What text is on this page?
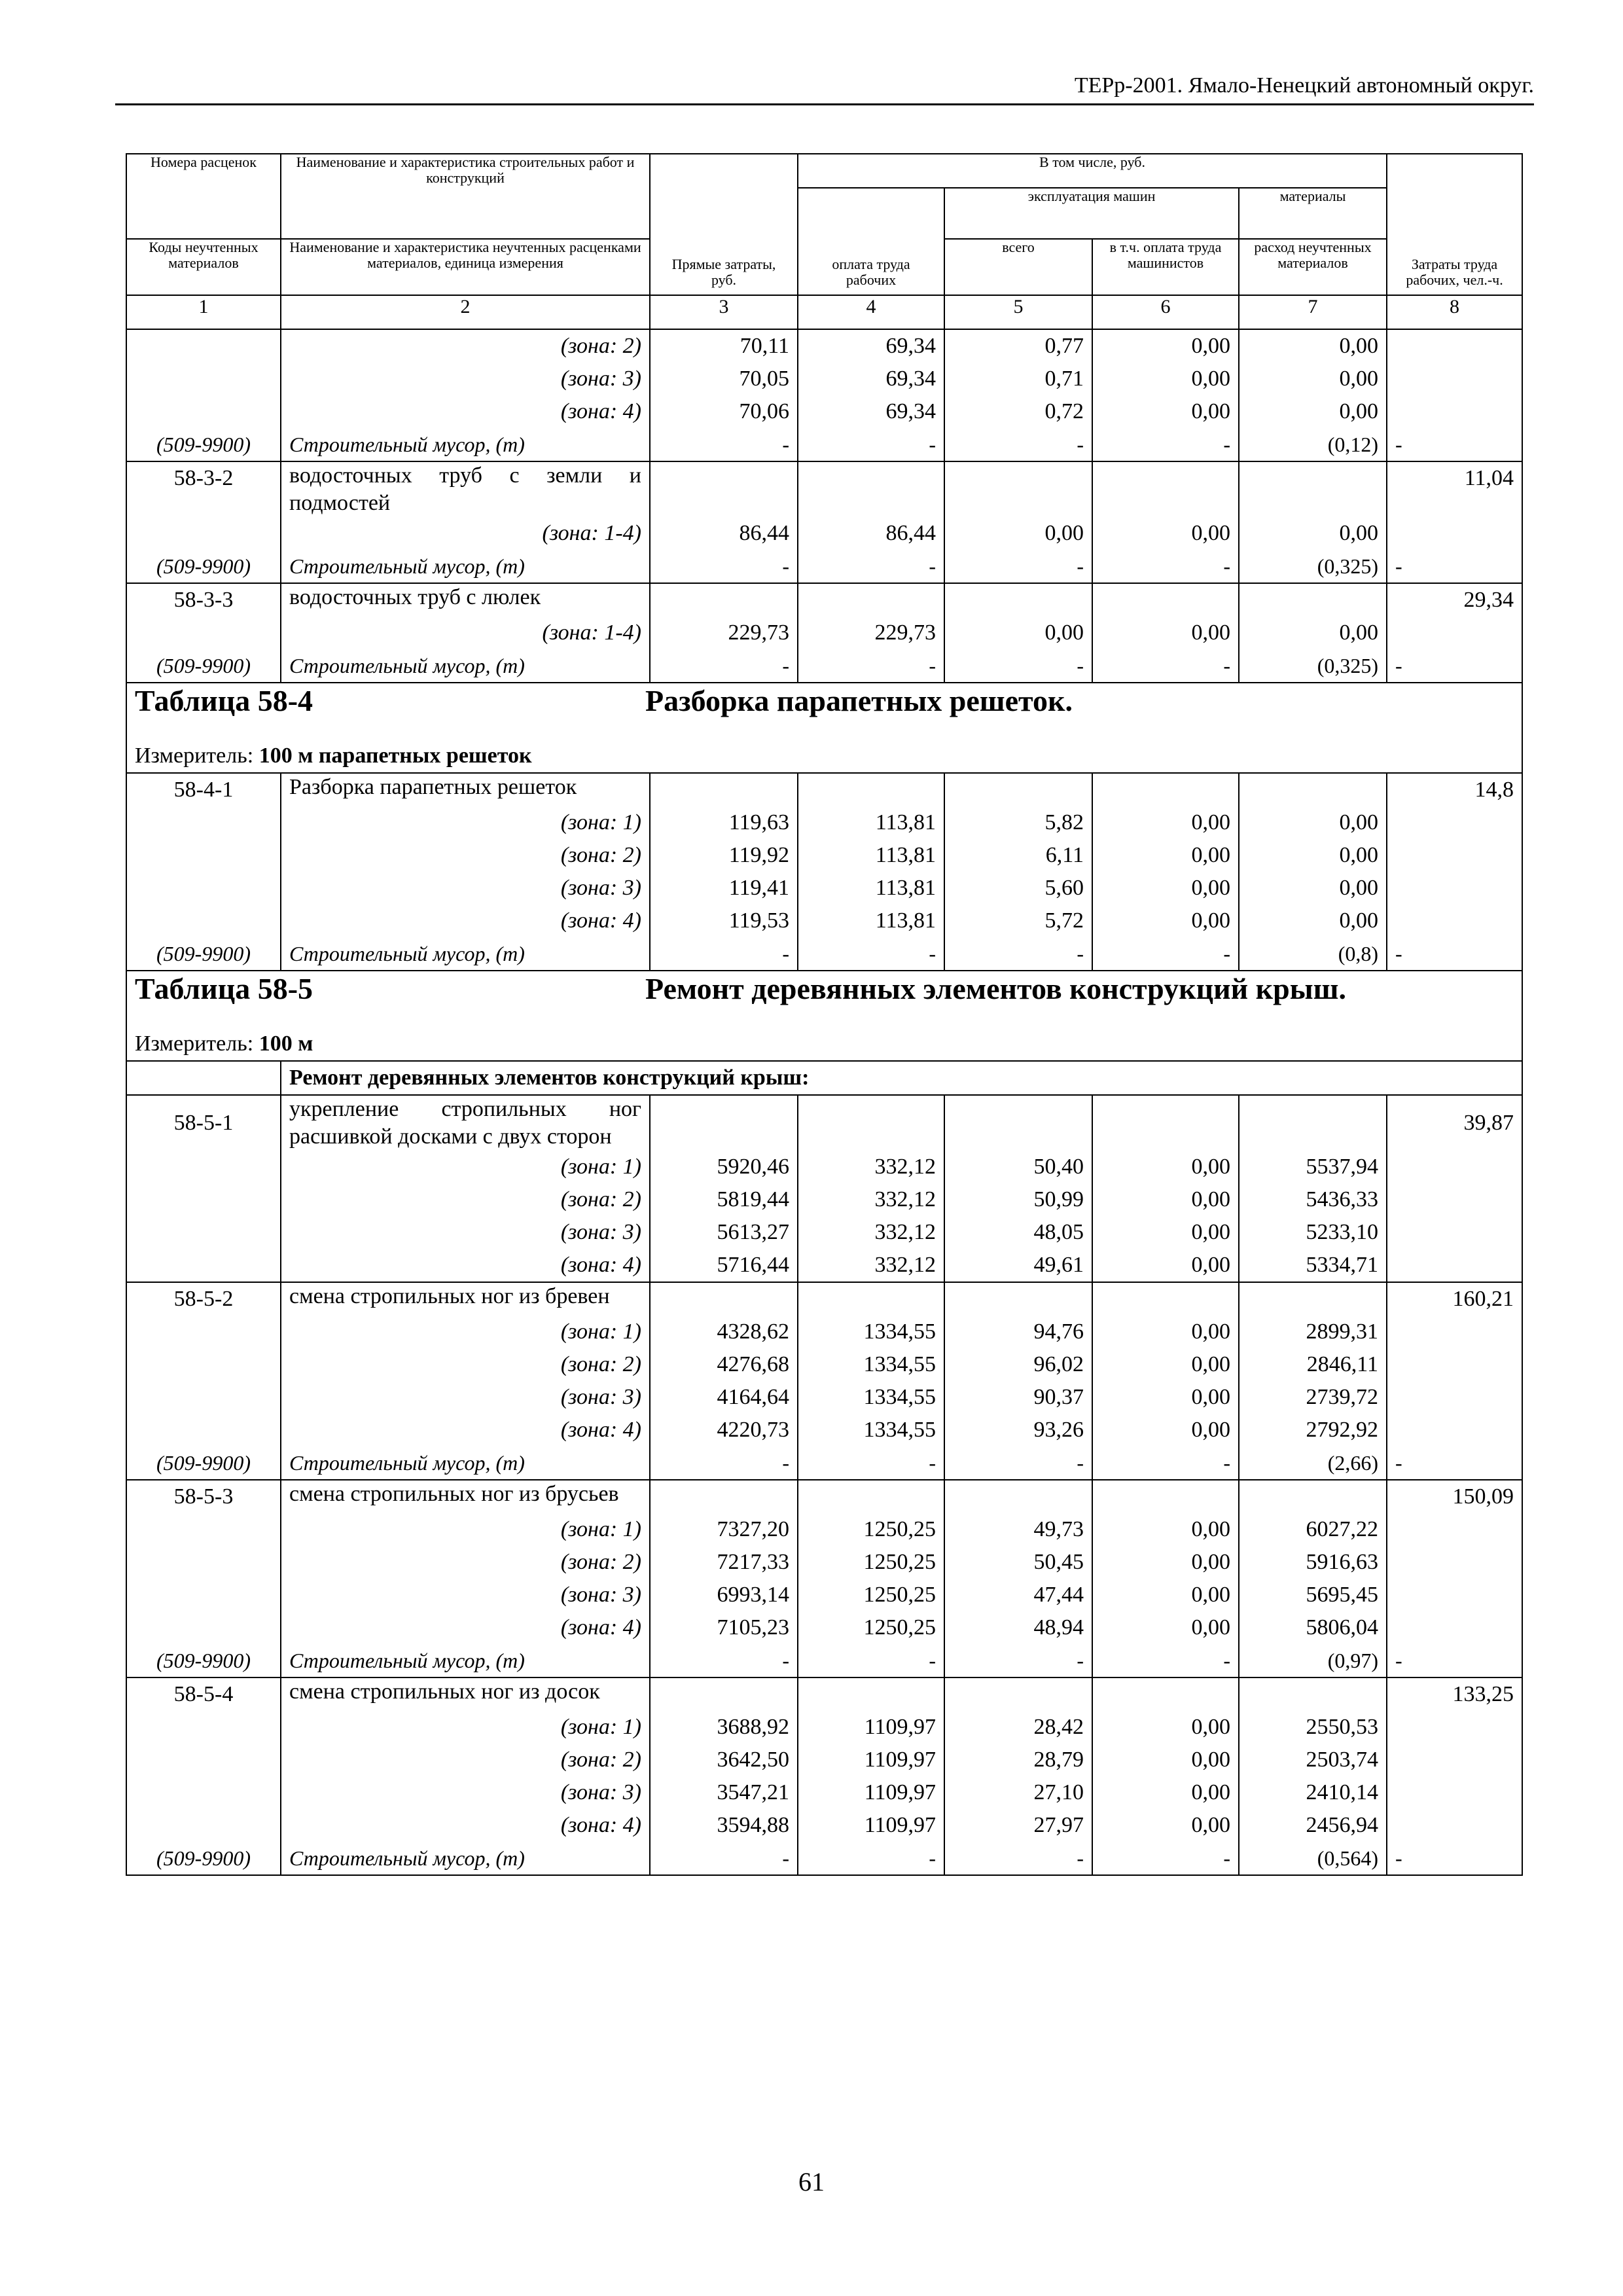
ТЕРр-2001. Ямало-Ненецкий автономный округ.
Номера расценок	Наименование и характеристика строительных работ и конструкций	Прямые затраты, руб.	В том числе, руб.				Затраты труда рабочих, чел.-ч.
			оплата труда рабочих	эксплуатация машин		материалы	
Коды неучтенных материалов	Наименование и характеристика неучтенных расценками материалов, единица измерения			всего	в т.ч. оплата труда машинистов	расход неучтенных материалов	
1	2	3	4	5	6	7	8
	(зона: 2)	70,11	69,34	0,77	0,00	0,00	
	(зона: 3)	70,05	69,34	0,71	0,00	0,00	
	(зона: 4)	70,06	69,34	0,72	0,00	0,00	
(509-9900)	Строительный мусор, (т)	-	-	-	-	(0,12)	-
58-3-2	водосточных труб с земли и подмостей						11,04
	(зона: 1-4)	86,44	86,44	0,00	0,00	0,00	
(509-9900)	Строительный мусор, (т)	-	-	-	-	(0,325)	-
58-3-3	водосточных труб с люлек						29,34
	(зона: 1-4)	229,73	229,73	0,00	0,00	0,00	
(509-9900)	Строительный мусор, (т)	-	-	-	-	(0,325)	-
Таблица 58-4 Разборка парапетных решеток.							
Измеритель: 100 м парапетных решеток							
58-4-1	Разборка парапетных решеток						14,8
	(зона: 1)	119,63	113,81	5,82	0,00	0,00	
	(зона: 2)	119,92	113,81	6,11	0,00	0,00	
	(зона: 3)	119,41	113,81	5,60	0,00	0,00	
	(зона: 4)	119,53	113,81	5,72	0,00	0,00	
(509-9900)	Строительный мусор, (т)	-	-	-	-	(0,8)	-
Таблица 58-5 Ремонт деревянных элементов конструкций крыш.							
Измеритель: 100 м							
	Ремонт деревянных элементов конструкций крыш:						
58-5-1	укрепление стропильных ног расшивкой досками с двух сторон						39,87
	(зона: 1)	5920,46	332,12	50,40	0,00	5537,94	
	(зона: 2)	5819,44	332,12	50,99	0,00	5436,33	
	(зона: 3)	5613,27	332,12	48,05	0,00	5233,10	
	(зона: 4)	5716,44	332,12	49,61	0,00	5334,71	
58-5-2	смена стропильных ног из бревен						160,21
	(зона: 1)	4328,62	1334,55	94,76	0,00	2899,31	
	(зона: 2)	4276,68	1334,55	96,02	0,00	2846,11	
	(зона: 3)	4164,64	1334,55	90,37	0,00	2739,72	
	(зона: 4)	4220,73	1334,55	93,26	0,00	2792,92	
(509-9900)	Строительный мусор, (т)	-	-	-	-	(2,66)	-
58-5-3	смена стропильных ног из брусьев						150,09
	(зона: 1)	7327,20	1250,25	49,73	0,00	6027,22	
	(зона: 2)	7217,33	1250,25	50,45	0,00	5916,63	
	(зона: 3)	6993,14	1250,25	47,44	0,00	5695,45	
	(зона: 4)	7105,23	1250,25	48,94	0,00	5806,04	
(509-9900)	Строительный мусор, (т)	-	-	-	-	(0,97)	-
58-5-4	смена стропильных ног из досок						133,25
	(зона: 1)	3688,92	1109,97	28,42	0,00	2550,53	
	(зона: 2)	3642,50	1109,97	28,79	0,00	2503,74	
	(зона: 3)	3547,21	1109,97	27,10	0,00	2410,14	
	(зона: 4)	3594,88	1109,97	27,97	0,00	2456,94	
(509-9900)	Строительный мусор, (т)	-	-	-	-	(0,564)	-
61
